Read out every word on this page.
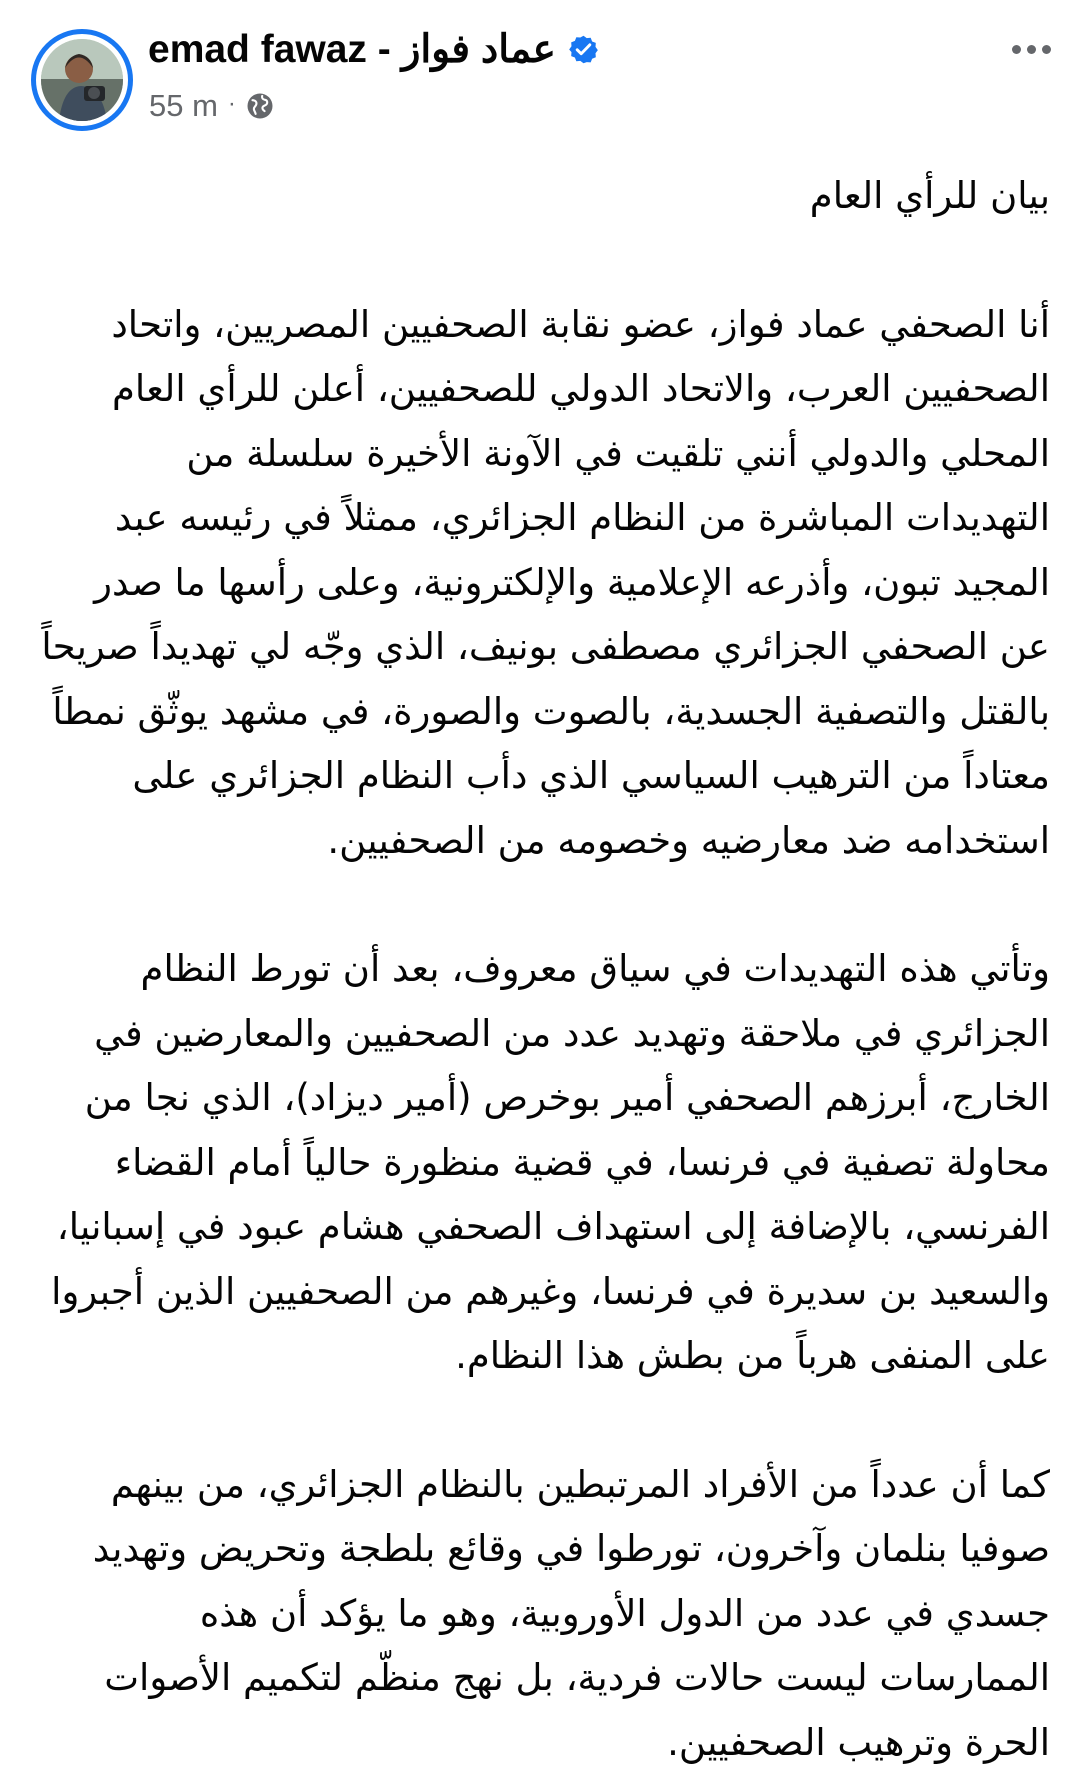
عماد فواز - emad fawaz
55 m ·

بيان للرأي العام

أنا الصحفي عماد فواز، عضو نقابة الصحفيين المصريين، واتحاد الصحفيين العرب، والاتحاد الدولي للصحفيين، أعلن للرأي العام المحلي والدولي أنني تلقيت في الآونة الأخيرة سلسلة من التهديدات المباشرة من النظام الجزائري، ممثلاً في رئيسه عبد المجيد تبون، وأذرعه الإعلامية والإلكترونية، وعلى رأسها ما صدر عن الصحفي الجزائري مصطفى بونيف، الذي وجّه لي تهديداً صريحاً بالقتل والتصفية الجسدية، بالصوت والصورة، في مشهد يوثّق نمطاً معتاداً من الترهيب السياسي الذي دأب النظام الجزائري على استخدامه ضد معارضيه وخصومه من الصحفيين.

وتأتي هذه التهديدات في سياق معروف، بعد أن تورط النظام الجزائري في ملاحقة وتهديد عدد من الصحفيين والمعارضين في الخارج، أبرزهم الصحفي أمير بوخرص (أمير ديزاد)، الذي نجا من محاولة تصفية في فرنسا، في قضية منظورة حالياً أمام القضاء الفرنسي، بالإضافة إلى استهداف الصحفي هشام عبود في إسبانيا، والسعيد بن سديرة في فرنسا، وغيرهم من الصحفيين الذين أجبروا على المنفى هرباً من بطش هذا النظام.

كما أن عدداً من الأفراد المرتبطين بالنظام الجزائري، من بينهم صوفيا بنلمان وآخرون، تورطوا في وقائع بلطجة وتحريض وتهديد جسدي في عدد من الدول الأوروبية، وهو ما يؤكد أن هذه الممارسات ليست حالات فردية، بل نهج منظّم لتكميم الأصوات الحرة وترهيب الصحفيين.
